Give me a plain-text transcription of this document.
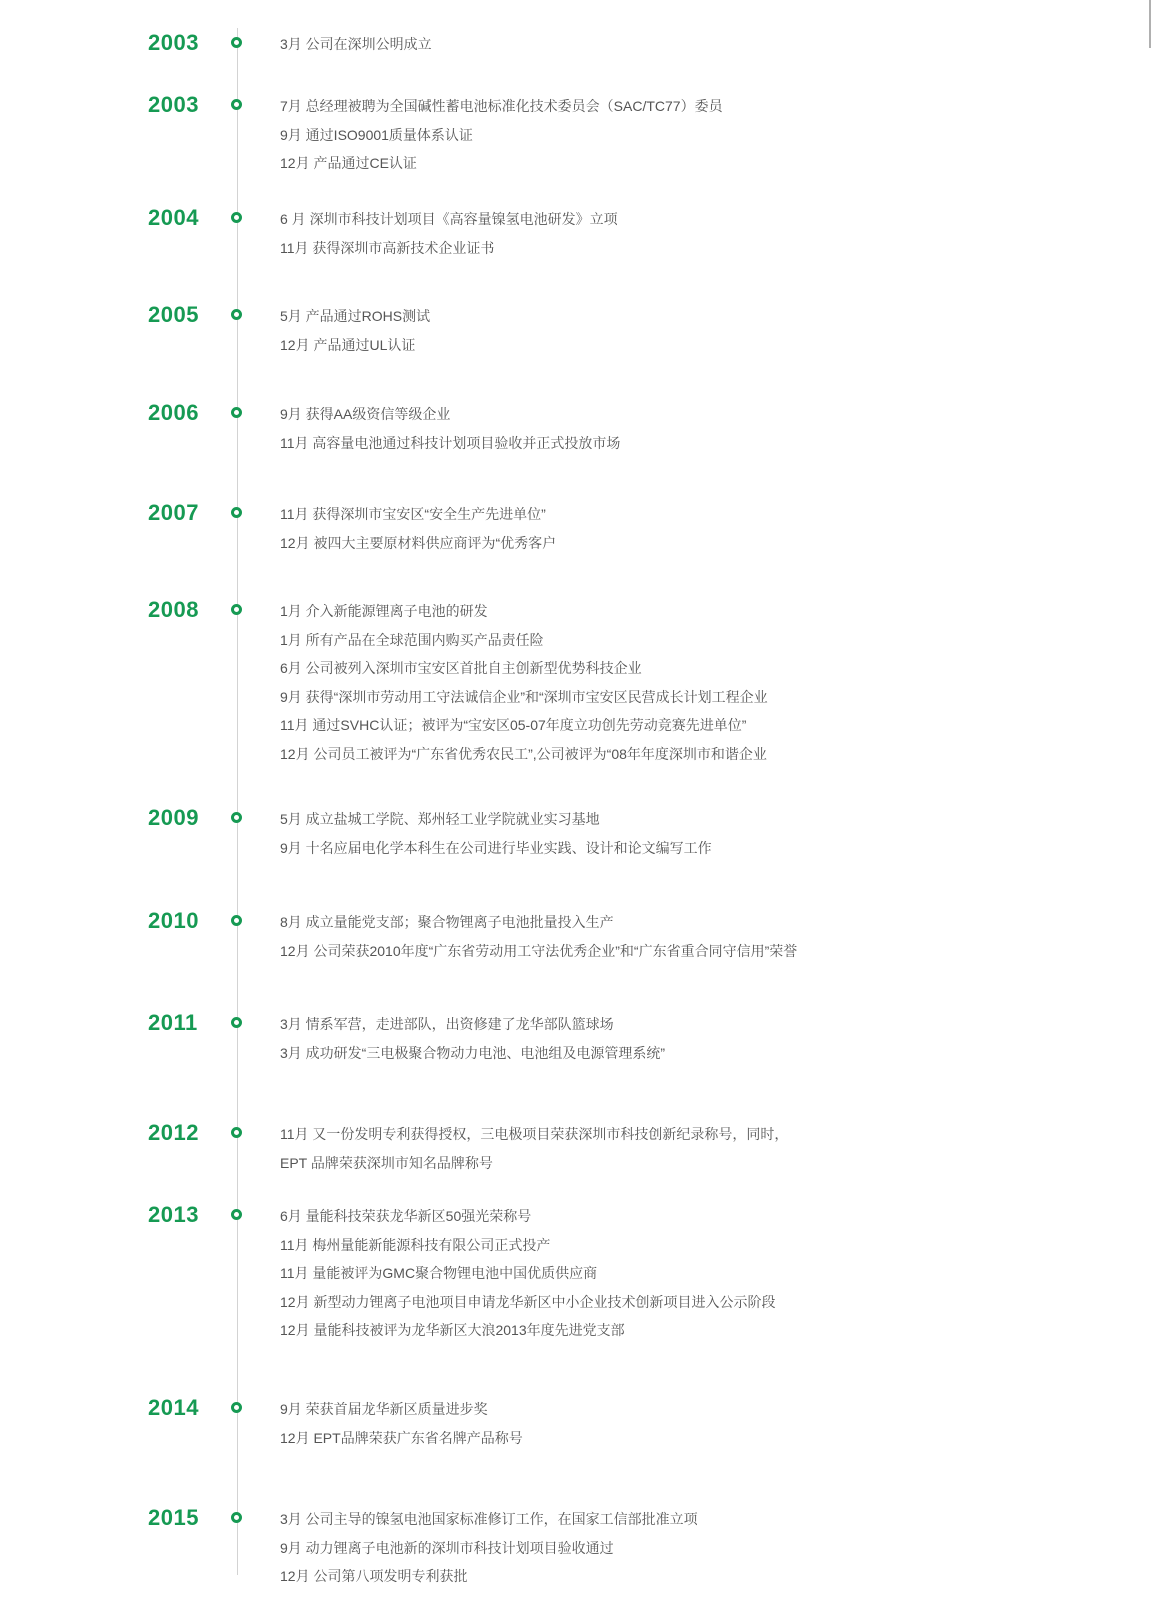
2003	3月 公司在深圳公明成立
2003	7月 总经理被聘为全国碱性蓄电池标准化技术委员会（SAC/TC77）委员
9月 通过ISO9001质量体系认证
12月 产品通过CE认证
2004	6 月 深圳市科技计划项目《高容量镍氢电池研发》立项
11月 获得深圳市高新技术企业证书
2005	5月 产品通过ROHS测试
12月 产品通过UL认证
2006	9月 获得AA级资信等级企业
11月 高容量电池通过科技计划项目验收并正式投放市场
2007	11月 获得深圳市宝安区“安全生产先进单位”
12月 被四大主要原材料供应商评为“优秀客户
2008	1月 介入新能源锂离子电池的研发
1月 所有产品在全球范围内购买产品责任险
6月 公司被列入深圳市宝安区首批自主创新型优势科技企业
9月 获得“深圳市劳动用工守法诚信企业”和“深圳市宝安区民营成长计划工程企业
11月 通过SVHC认证；被评为“宝安区05-07年度立功创先劳动竞赛先进单位”
12月 公司员工被评为“广东省优秀农民工”,公司被评为“08年年度深圳市和谐企业
2009	5月 成立盐城工学院、郑州轻工业学院就业实习基地
9月 十名应届电化学本科生在公司进行毕业实践、设计和论文编写工作
2010	8月 成立量能党支部；聚合物锂离子电池批量投入生产
12月 公司荣获2010年度“广东省劳动用工守法优秀企业”和“广东省重合同守信用”荣誉
2011	3月 情系军营，走进部队，出资修建了龙华部队篮球场
3月 成功研发“三电极聚合物动力电池、电池组及电源管理系统”
2012	11月 又一份发明专利获得授权，三电极项目荣获深圳市科技创新纪录称号，同时，
EPT 品牌荣获深圳市知名品牌称号
2013	6月 量能科技荣获龙华新区50强光荣称号
11月 梅州量能新能源科技有限公司正式投产
11月 量能被评为GMC聚合物锂电池中国优质供应商
12月 新型动力锂离子电池项目申请龙华新区中小企业技术创新项目进入公示阶段
12月 量能科技被评为龙华新区大浪2013年度先进党支部
2014	9月 荣获首届龙华新区质量进步奖
12月 EPT品牌荣获广东省名牌产品称号
2015	3月 公司主导的镍氢电池国家标准修订工作，在国家工信部批准立项
9月 动力锂离子电池新的深圳市科技计划项目验收通过
12月 公司第八项发明专利获批
